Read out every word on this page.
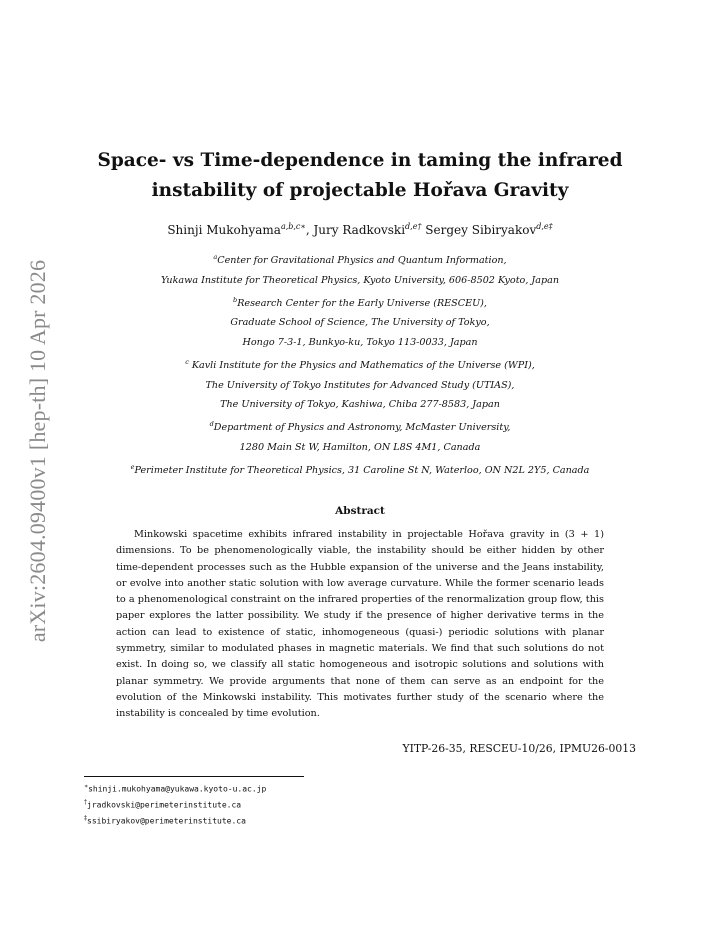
arXiv:2604.09400v1 [hep-th] 10 Apr 2026
Space- vs Time-dependence in taming the infrared
instability of projectable Hořava Gravity
Shinji Mukohyama$^{a,b,c∗}$, Jury Radkovski$^{d,e\dagger}$ Sergey Sibiryakov$^{d,e\ddagger}$
$^a$Center for Gravitational Physics and Quantum Information,
Yukawa Institute for Theoretical Physics, Kyoto University, 606-8502 Kyoto, Japan
$^b$Research Center for the Early Universe (RESCEU),
Graduate School of Science, The University of Tokyo,
Hongo 7-3-1, Bunkyo-ku, Tokyo 113-0033, Japan
$^c$ Kavli Institute for the Physics and Mathematics of the Universe (WPI),
The University of Tokyo Institutes for Advanced Study (UTIAS),
The University of Tokyo, Kashiwa, Chiba 277-8583, Japan
$^d$Department of Physics and Astronomy, McMaster University,
1280 Main St W, Hamilton, ON L8S 4M1, Canada
$^e$Perimeter Institute for Theoretical Physics, 31 Caroline St N, Waterloo, ON N2L 2Y5, Canada
Abstract
Minkowski spacetime exhibits infrared instability in projectable Hořava gravity in (3 + 1) dimensions. To be phenomenologically viable, the instability should be either hidden by other time-dependent processes such as the Hubble expansion of the universe and the Jeans instability, or evolve into another static solution with low average curvature. While the former scenario leads to a phenomenological constraint on the infrared properties of the renormalization group flow, this paper explores the latter possibility. We study if the presence of higher derivative terms in the action can lead to existence of static, inhomogeneous (quasi-) periodic solutions with planar symmetry, similar to modulated phases in magnetic materials. We find that such solutions do not exist. In doing so, we classify all static homogeneous and isotropic solutions and solutions with planar symmetry. We provide arguments that none of them can serve as an endpoint for the evolution of the Minkowski instability. This motivates further study of the scenario where the instability is concealed by time evolution.
YITP-26-35, RESCEU-10/26, IPMU26-0013
∗shinji.mukohyama@yukawa.kyoto-u.ac.jp
†jradkovski@perimeterinstitute.ca
‡ssibiryakov@perimeterinstitute.ca
